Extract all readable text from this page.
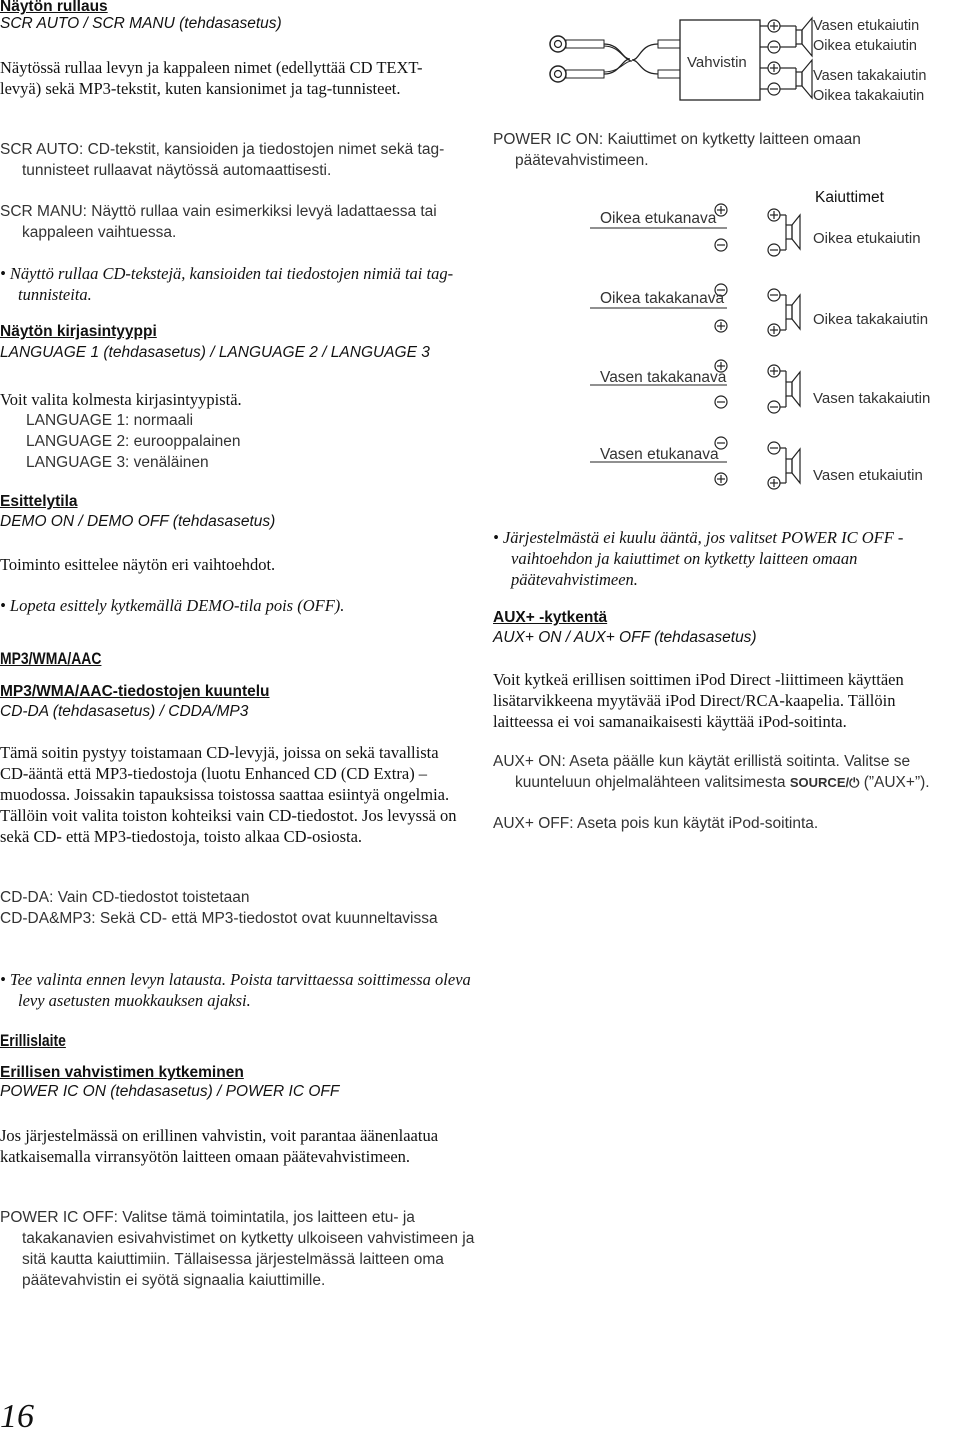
Näytön rullaus
SCR AUTO / SCR MANU (tehdasasetus)

Näytössä rullaa levyn ja kappaleen nimet (edellyttää CD TEXT-levyä) sekä MP3-tekstit, kuten kansionimet ja tag-tunnisteet.

SCR AUTO: CD-tekstit, kansioiden ja tiedostojen nimet sekä tag-tunnisteet rullaavat näytössä automaattisesti.

SCR MANU: Näyttö rullaa vain esimerkiksi levyä ladattaessa tai kappaleen vaihtuessa.

• Näyttö rullaa CD-tekstejä, kansioiden tai tiedostojen nimiä tai tag-tunnisteita.

Näytön kirjasintyyppi
LANGUAGE 1 (tehdasasetus) / LANGUAGE 2 / LANGUAGE 3

Voit valita kolmesta kirjasintyypistä.

LANGUAGE 1: normaali
LANGUAGE 2: eurooppalainen
LANGUAGE 3: venäläinen
Esittelytila
DEMO ON / DEMO OFF (tehdasasetus)

Toiminto esittelee näytön eri vaihtoehdot.

• Lopeta esittely kytkemällä DEMO-tila pois (OFF).

MP3/WMA/AAC
MP3/WMA/AAC-tiedostojen kuuntelu
CD-DA (tehdasasetus) / CDDA/MP3

Tämä soitin pystyy toistamaan CD-levyjä, joissa on sekä tavallista CD-ääntä että MP3-tiedostoja (luotu Enhanced CD (CD Extra) –muodossa. Joissakin tapauksissa toistossa saattaa esiintyä ongelmia. Tällöin voit valita toiston kohteiksi vain CD-tiedostot. Jos levyssä on sekä CD- että MP3-tiedostoja, toisto alkaa CD-osiosta.

CD-DA: Vain CD-tiedostot toistetaan

CD-DA&MP3: Sekä CD- että MP3-tiedostot ovat kuunneltavissa

• Tee valinta ennen levyn latausta. Poista tarvittaessa soittimessa oleva levy asetusten muokkauksen ajaksi.

Erillislaite
Erillisen vahvistimen kytkeminen
POWER IC ON (tehdasasetus) / POWER IC OFF

Jos järjestelmässä on erillinen vahvistin, voit parantaa äänenlaatua katkaisemalla virransyötön laitteen omaan päätevahvistimeen.

POWER IC OFF: Valitse tämä toimintatila, jos laitteen etu- ja takakanavien esivahvistimet on kytketty ulkoiseen vahvistimeen ja sitä kautta kaiuttimiin. Tällaisessa järjestelmässä laitteen oma päätevahvistin ei syötä signaalia kaiuttimille.

16
Vahvistin
Vasen etukaiutin
Oikea etukaiutin
Vasen takakaiutin
Oikea takakaiutin

POWER IC ON: Kaiuttimet on kytketty laitteen omaan päätevahvistimeen.

Oikea etukanava
Oikea takakanava
Vasen takakanava
Vasen etukanava
Kaiuttimet
Oikea etukaiutin
Oikea takakaiutin
Vasen takakaiutin
Vasen etukaiutin

• Järjestelmästä ei kuulu ääntä, jos valitset POWER IC OFF -vaihtoehdon ja kaiuttimet on kytketty laitteen omaan päätevahvistimeen.

AUX+ -kytkentä
AUX+ ON / AUX+ OFF (tehdasasetus)

Voit kytkeä erillisen soittimen iPod Direct -liittimeen käyttäen lisätarvikkeena myytävää iPod Direct/RCA-kaapelia. Tällöin laitteessa ei voi samanaikaisesti käyttää iPod-soitinta.

AUX+ ON: Aseta päälle kun käytät erillistä soitinta. Valitse se kuunteluun ohjelmalähteen valitsimesta SOURCE/⏻ (”AUX+”).

AUX+ OFF: Aseta pois kun käytät iPod-soitinta.
